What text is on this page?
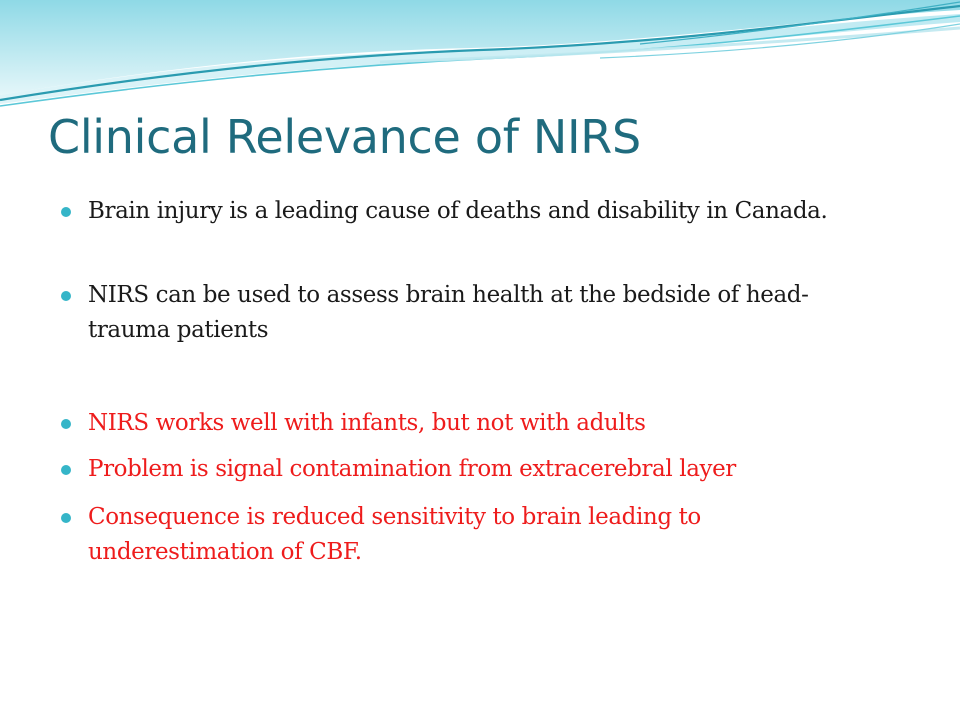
Clinical Relevance of NIRS
Brain injury is a leading cause of deaths and disability in Canada.
NIRS can be used to assess brain health at the bedside of head-trauma patients
NIRS works well with infants, but not with adults
Problem is signal contamination from extracerebral layer
Consequence is reduced sensitivity to brain leading to underestimation of CBF.
